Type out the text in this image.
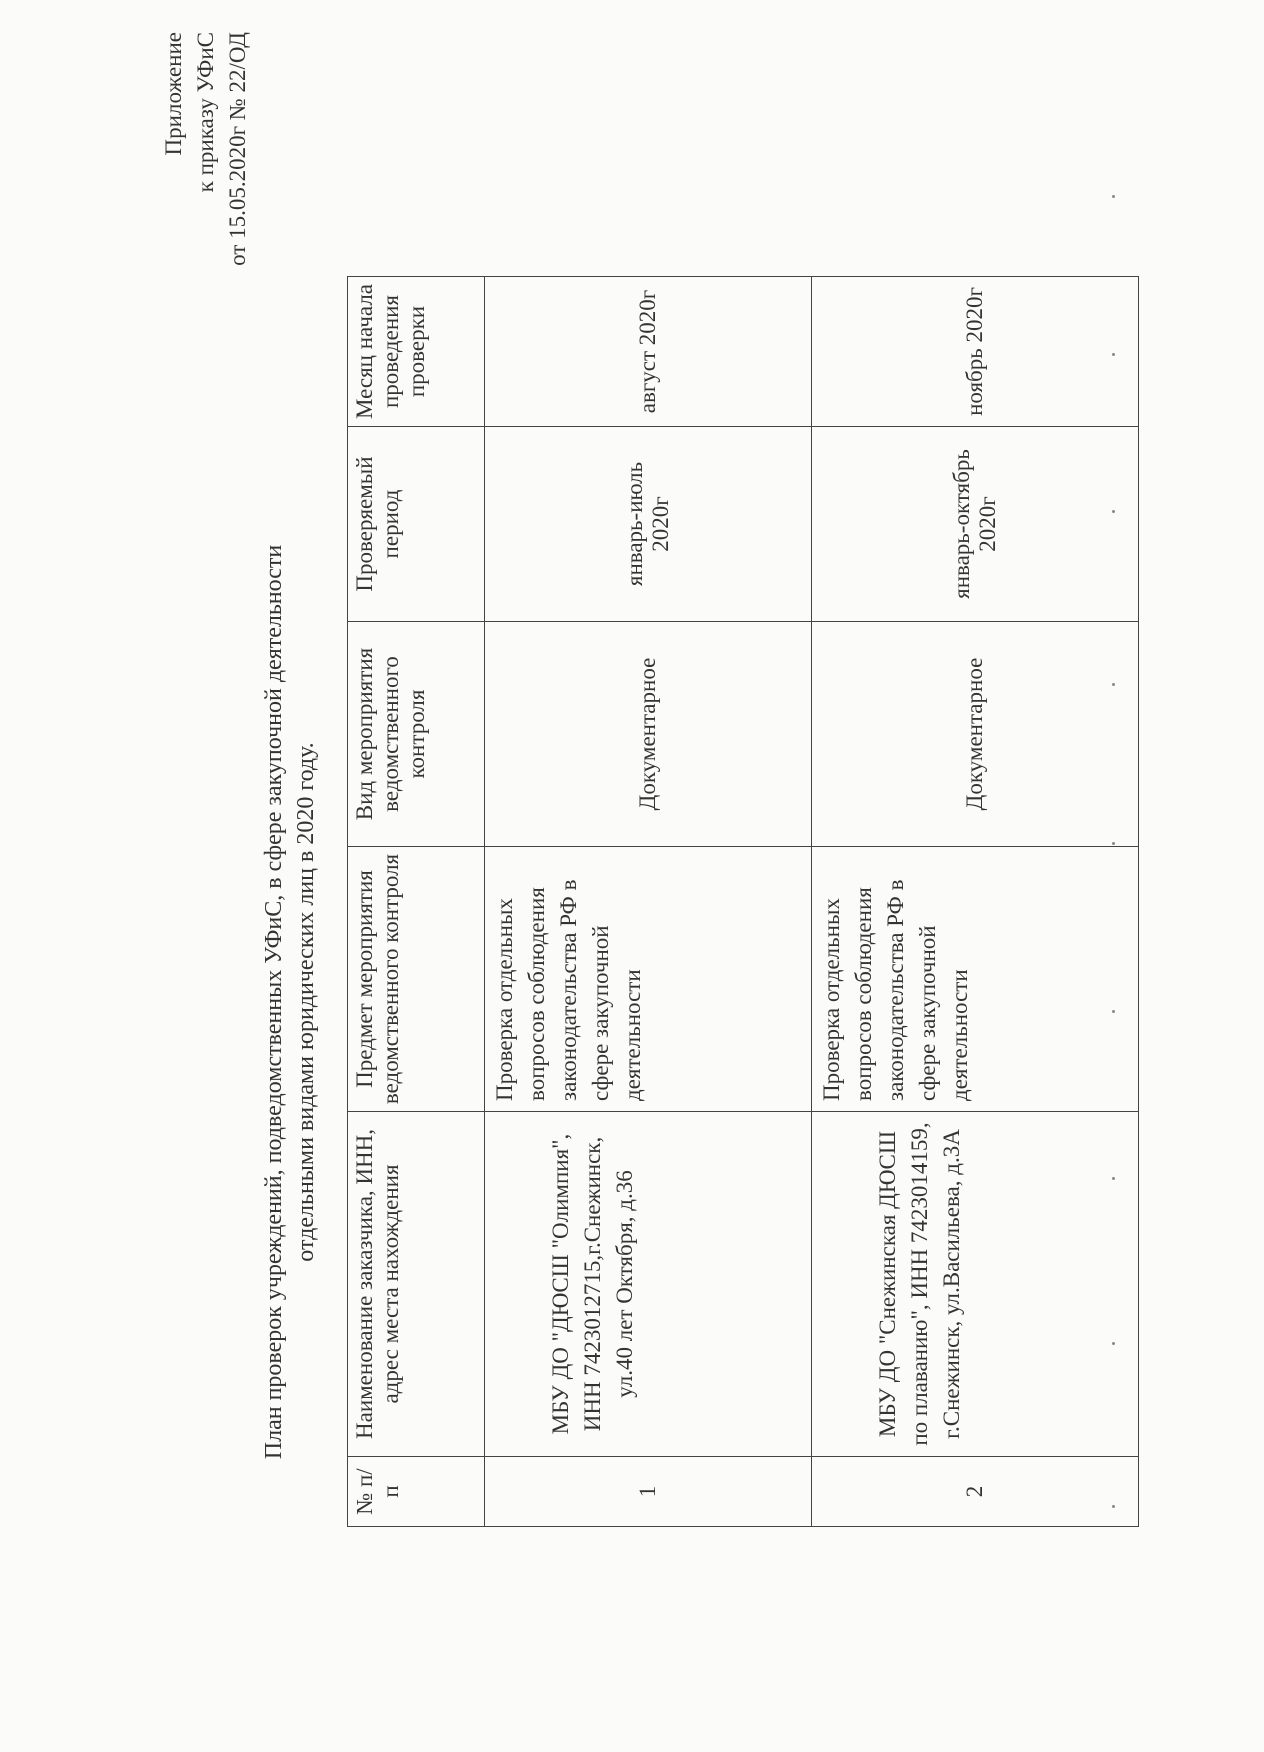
Приложение к приказу УФиС от 15.05.2020г № 22/ОД
План проверок учреждений, подведомственных УФиС, в сфере закупочной деятельности отдельными видами юридических лиц в 2020 году.
№ п/п	Наименование заказчика, ИНН, адрес места нахождения	Предмет мероприятия ведомственного контроля	Вид мероприятия ведомственного контроля	Проверяемый период	Месяц начала проведения проверки
1	МБУ ДО "ДЮСШ "Олимпия", ИНН 7423012715,г.Снежинск, ул.40 лет Октября, д.36	Проверка отдельных вопросов соблюдения законодательства РФ в сфере закупочной деятельности	Документарное	январь-июль 2020г	август 2020г
2	МБУ ДО "Снежинская ДЮСШ по плаванию", ИНН 7423014159, г.Снежинск, ул.Васильева, д.3А	Проверка отдельных вопросов соблюдения законодательства РФ в сфере закупочной деятельности	Документарное	январь-октябрь 2020г	ноябрь 2020г
